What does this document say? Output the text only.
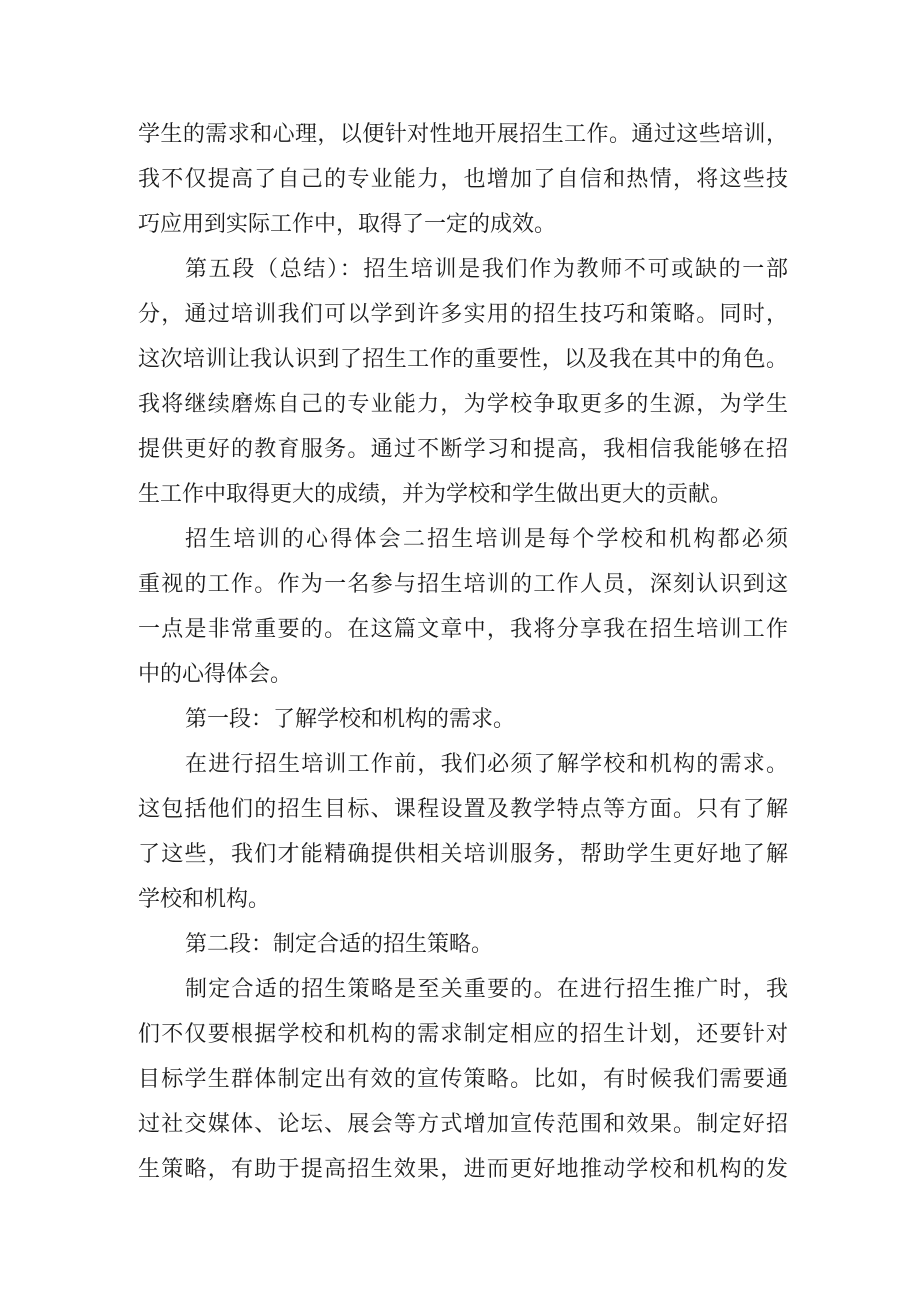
学生的需求和心理，以便针对性地开展招生工作。通过这些培训，
我不仅提高了自己的专业能力，也增加了自信和热情，将这些技
巧应用到实际工作中，取得了一定的成效。
第五段（总结）：招生培训是我们作为教师不可或缺的一部
分，通过培训我们可以学到许多实用的招生技巧和策略。同时，
这次培训让我认识到了招生工作的重要性，以及我在其中的角色。
我将继续磨炼自己的专业能力，为学校争取更多的生源，为学生
提供更好的教育服务。通过不断学习和提高，我相信我能够在招
生工作中取得更大的成绩，并为学校和学生做出更大的贡献。
招生培训的心得体会二招生培训是每个学校和机构都必须
重视的工作。作为一名参与招生培训的工作人员，深刻认识到这
一点是非常重要的。在这篇文章中，我将分享我在招生培训工作
中的心得体会。
第一段：了解学校和机构的需求。
在进行招生培训工作前，我们必须了解学校和机构的需求。
这包括他们的招生目标、课程设置及教学特点等方面。只有了解
了这些，我们才能精确提供相关培训服务，帮助学生更好地了解
学校和机构。
第二段：制定合适的招生策略。
制定合适的招生策略是至关重要的。在进行招生推广时，我
们不仅要根据学校和机构的需求制定相应的招生计划，还要针对
目标学生群体制定出有效的宣传策略。比如，有时候我们需要通
过社交媒体、论坛、展会等方式增加宣传范围和效果。制定好招
生策略，有助于提高招生效果，进而更好地推动学校和机构的发
